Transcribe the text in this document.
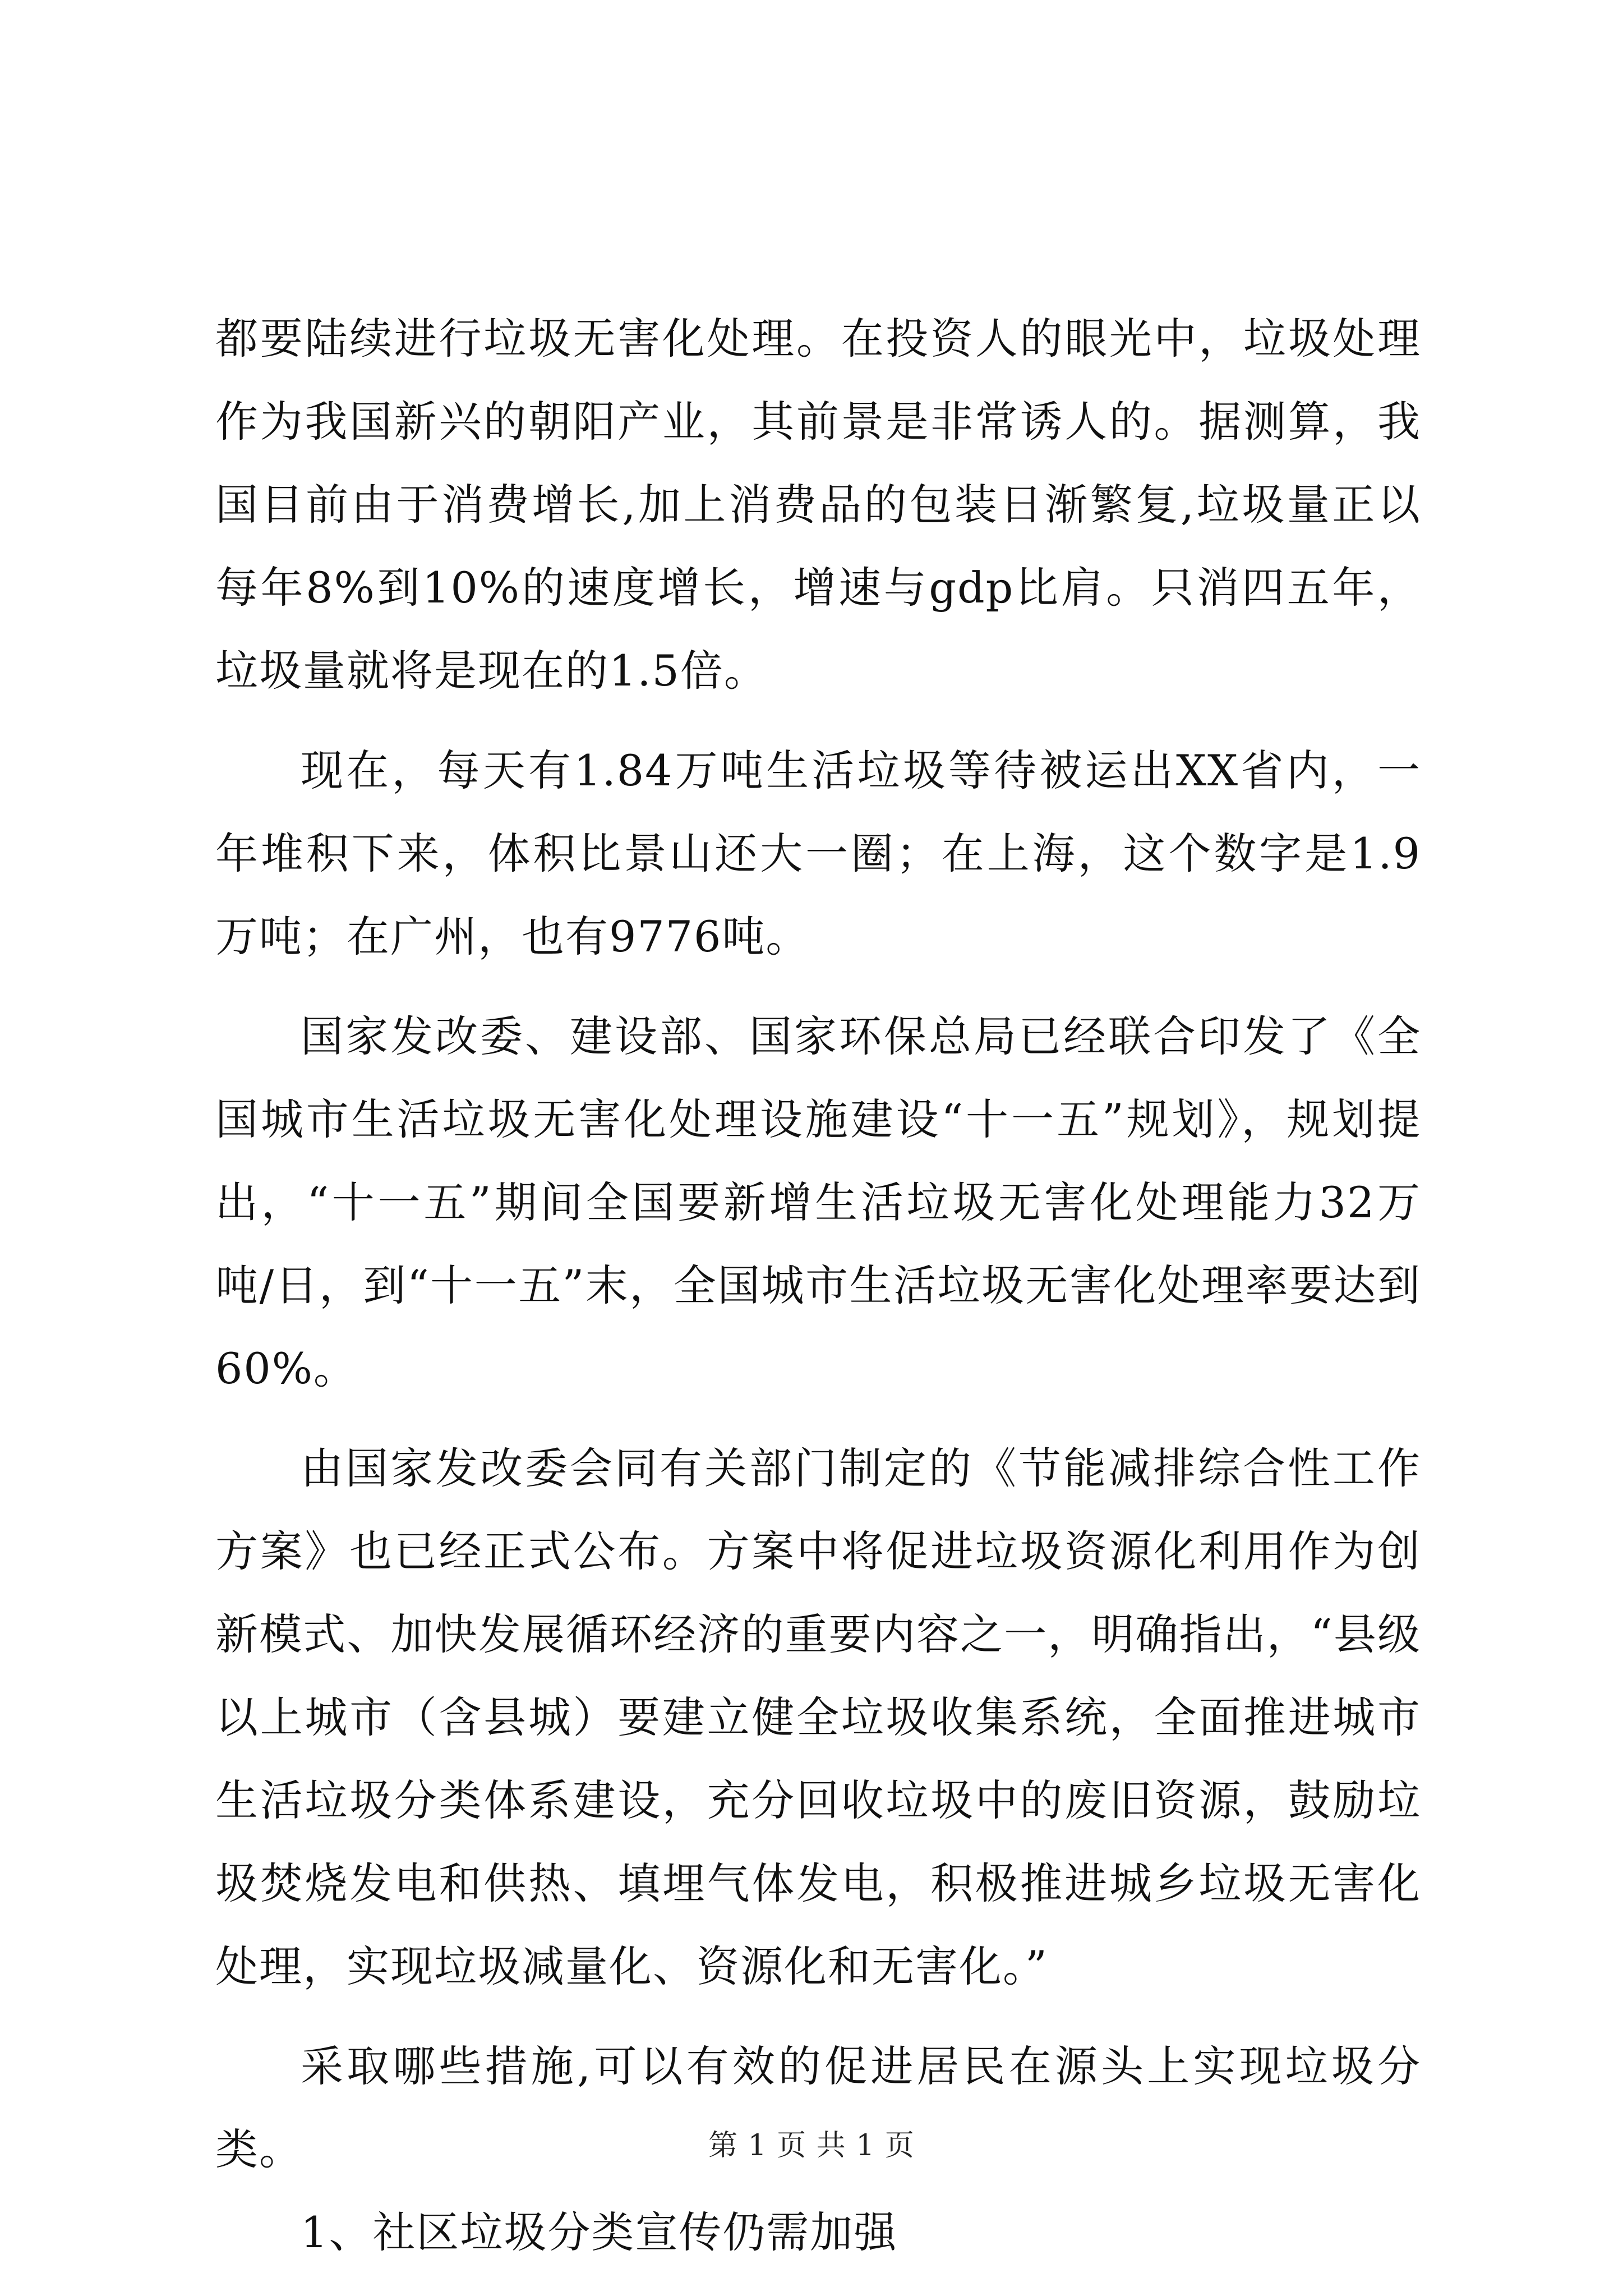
都要陆续进行垃圾无害化处理。在投资人的眼光中，垃圾处理作为我国新兴的朝阳产业，其前景是非常诱人的。据测算，我国目前由于消费增长,加上消费品的包装日渐繁复,垃圾量正以每年8%到10%的速度增长，增速与gdp比肩。只消四五年，垃圾量就将是现在的1.5倍。

现在，每天有1.84万吨生活垃圾等待被运出XX省内，一年堆积下来，体积比景山还大一圈；在上海，这个数字是1.9万吨；在广州，也有9776吨。

国家发改委、建设部、国家环保总局已经联合印发了《全国城市生活垃圾无害化处理设施建设“十一五”规划》，规划提出，“十一五”期间全国要新增生活垃圾无害化处理能力32万吨/日，到“十一五”末，全国城市生活垃圾无害化处理率要达到60%。

由国家发改委会同有关部门制定的《节能减排综合性工作方案》也已经正式公布。方案中将促进垃圾资源化利用作为创新模式、加快发展循环经济的重要内容之一，明确指出，“县级以上城市（含县城）要建立健全垃圾收集系统，全面推进城市生活垃圾分类体系建设，充分回收垃圾中的废旧资源，鼓励垃圾焚烧发电和供热、填埋气体发电，积极推进城乡垃圾无害化处理，实现垃圾减量化、资源化和无害化。”

采取哪些措施,可以有效的促进居民在源头上实现垃圾分类。

1、社区垃圾分类宣传仍需加强

第 1 页 共 1 页
